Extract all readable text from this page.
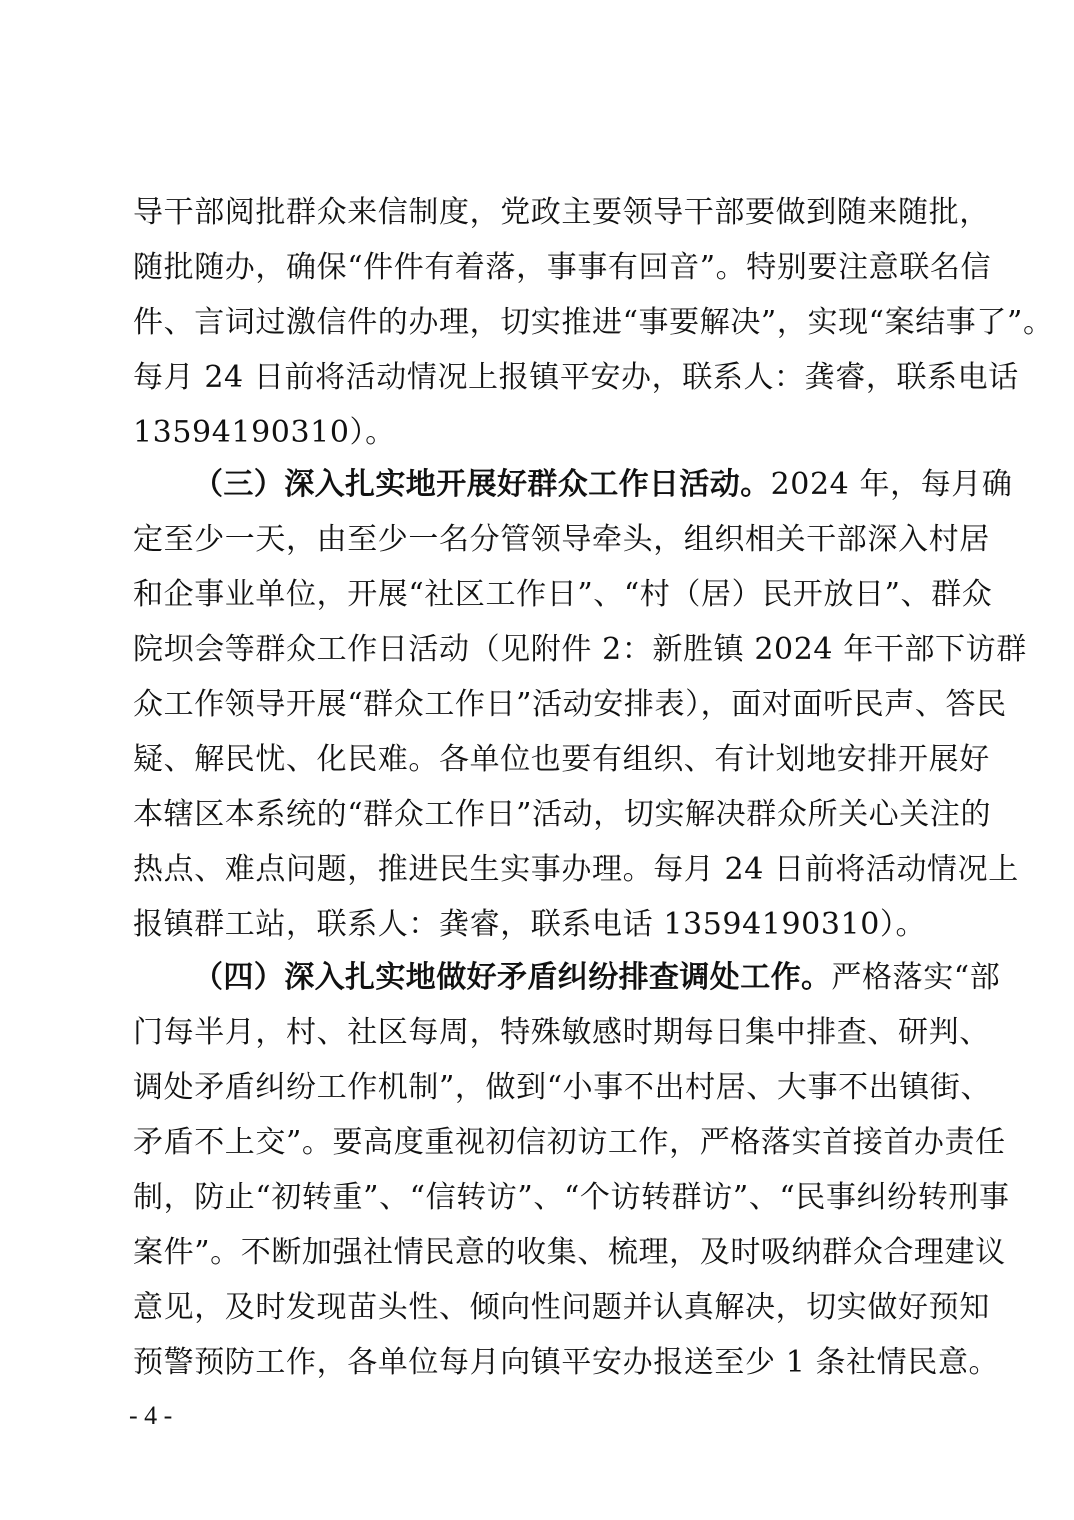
导干部阅批群众来信制度，党政主要领导干部要做到随来随批，
随批随办，确保“件件有着落，事事有回音”。特别要注意联名信
件、言词过激信件的办理，切实推进“事要解决”，实现“案结事了”。
每月 24 日前将活动情况上报镇平安办，联系人：龚睿，联系电话
13594190310）。
（三）深入扎实地开展好群众工作日活动。2024 年，每月确
定至少一天，由至少一名分管领导牵头，组织相关干部深入村居
和企事业单位，开展“社区工作日”、“村（居）民开放日”、群众
院坝会等群众工作日活动（见附件 2：新胜镇 2024 年干部下访群
众工作领导开展“群众工作日”活动安排表），面对面听民声、答民
疑、解民忧、化民难。各单位也要有组织、有计划地安排开展好
本辖区本系统的“群众工作日”活动，切实解决群众所关心关注的
热点、难点问题，推进民生实事办理。每月 24 日前将活动情况上
报镇群工站，联系人：龚睿，联系电话 13594190310）。
（四）深入扎实地做好矛盾纠纷排查调处工作。严格落实“部
门每半月，村、社区每周，特殊敏感时期每日集中排查、研判、
调处矛盾纠纷工作机制”，做到“小事不出村居、大事不出镇街、
矛盾不上交”。要高度重视初信初访工作，严格落实首接首办责任
制，防止“初转重”、“信转访”、“个访转群访”、“民事纠纷转刑事
案件”。不断加强社情民意的收集、梳理，及时吸纳群众合理建议
意见，及时发现苗头性、倾向性问题并认真解决，切实做好预知
预警预防工作，各单位每月向镇平安办报送至少 1 条社情民意。
- 4 -
